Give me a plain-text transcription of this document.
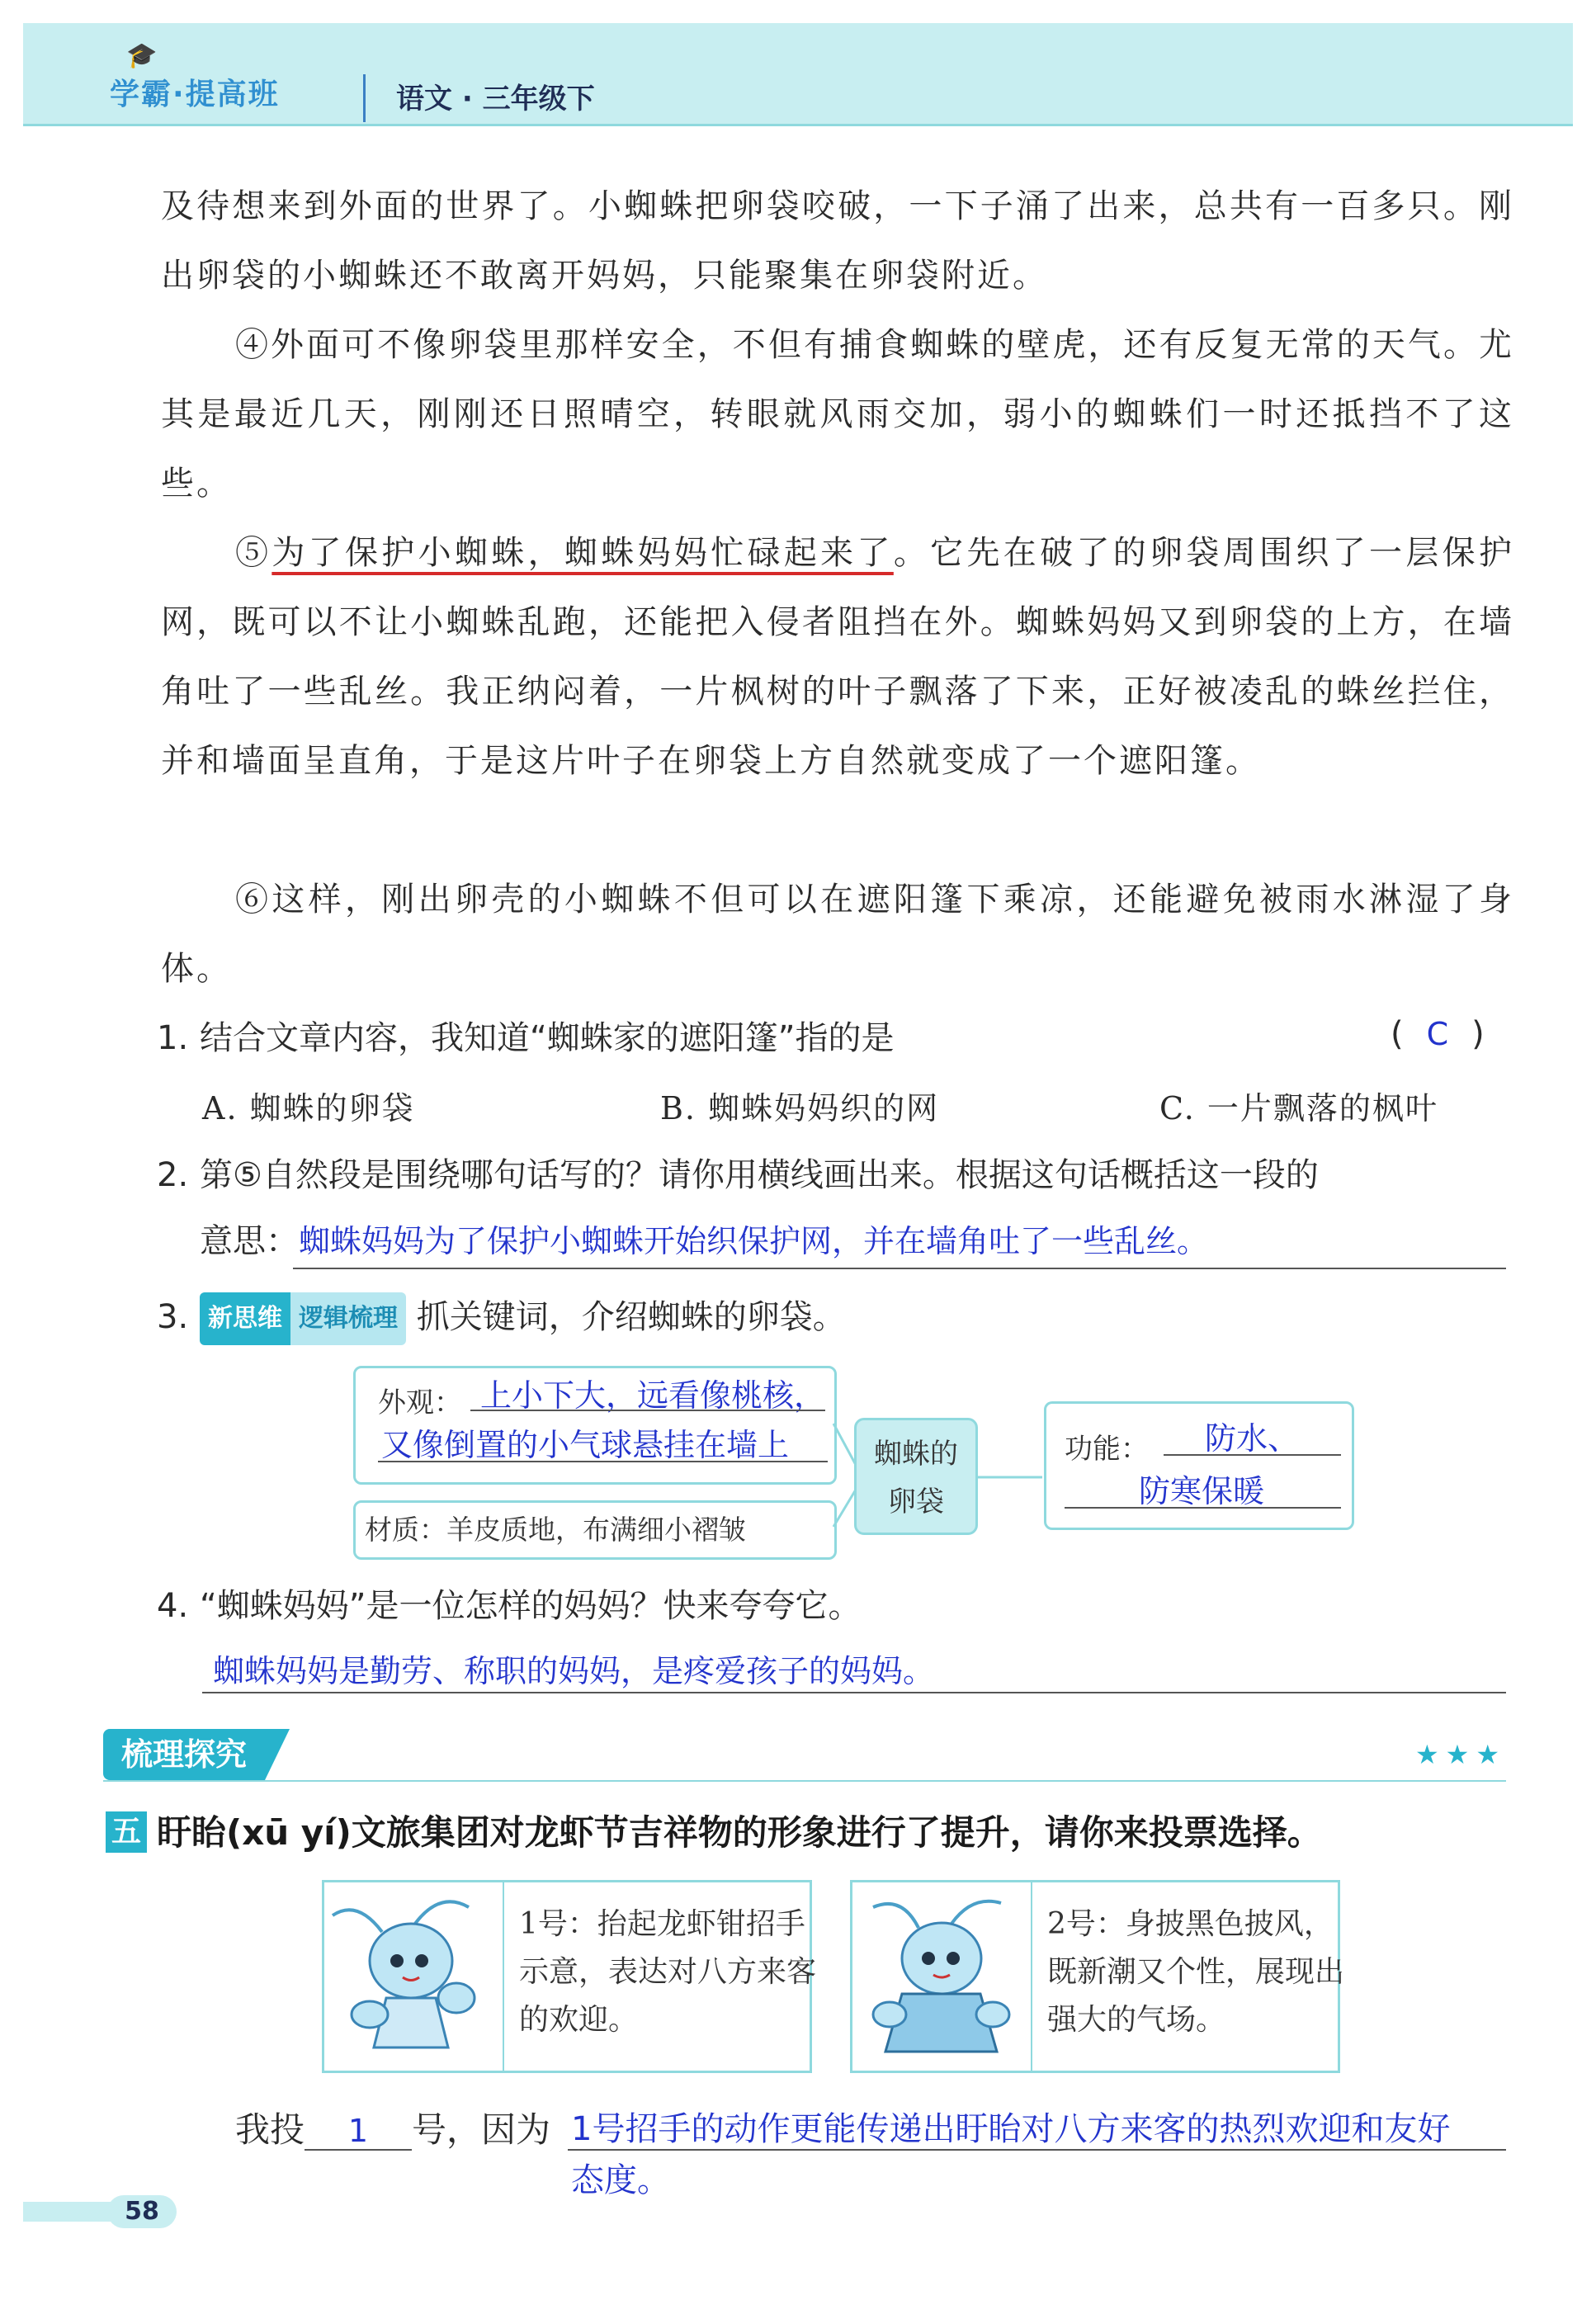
🎓
学霸·提高班	语文 · 三年级下
及待想来到外面的世界了。小蜘蛛把卵袋咬破，一下子涌了出来，总共有一百多只。刚出卵袋的小蜘蛛还不敢离开妈妈，只能聚集在卵袋附近。
④外面可不像卵袋里那样安全，不但有捕食蜘蛛的壁虎，还有反复无常的天气。尤其是最近几天，刚刚还日照晴空，转眼就风雨交加，弱小的蜘蛛们一时还抵挡不了这些。
⑤为了保护小蜘蛛，蜘蛛妈妈忙碌起来了。它先在破了的卵袋周围织了一层保护网，既可以不让小蜘蛛乱跑，还能把入侵者阻挡在外。蜘蛛妈妈又到卵袋的上方，在墙角吐了一些乱丝。我正纳闷着，一片枫树的叶子飘落了下来，正好被凌乱的蛛丝拦住，并和墙面呈直角，于是这片叶子在卵袋上方自然就变成了一个遮阳篷。
⑥这样，刚出卵壳的小蜘蛛不但可以在遮阳篷下乘凉，还能避免被雨水淋湿了身体。
1. 结合文章内容，我知道“蜘蛛家的遮阳篷”指的是	( C )
A. 蜘蛛的卵袋	B. 蜘蛛妈妈织的网	C. 一片飘落的枫叶
2. 第⑤自然段是围绕哪句话写的？请你用横线画出来。根据这句话概括这一段的
意思：蜘蛛妈妈为了保护小蜘蛛开始织保护网，并在墙角吐了一些乱丝。
3. 新思维 逻辑梳理 抓关键词，介绍蜘蛛的卵袋。
外观： 上小下大，远看像桃核，
又像倒置的小气球悬挂在墙上
材质：羊皮质地，布满细小褶皱
蜘蛛的
卵袋
功能： 防水、
防寒保暖
4. “蜘蛛妈妈”是一位怎样的妈妈？快来夸夸它。
蜘蛛妈妈是勤劳、称职的妈妈，是疼爱孩子的妈妈。
梳理探究	★★★
五 盱眙(xū yí)文旅集团对龙虾节吉祥物的形象进行了提升，请你来投票选择。
1号：抬起龙虾钳招手示意，表达对八方来客的欢迎。
2号：身披黑色披风，既新潮又个性，展现出强大的气场。
我投 1 号，因为 1号招手的动作更能传递出盱眙对八方来客的热烈欢迎和友好
态度。
58
